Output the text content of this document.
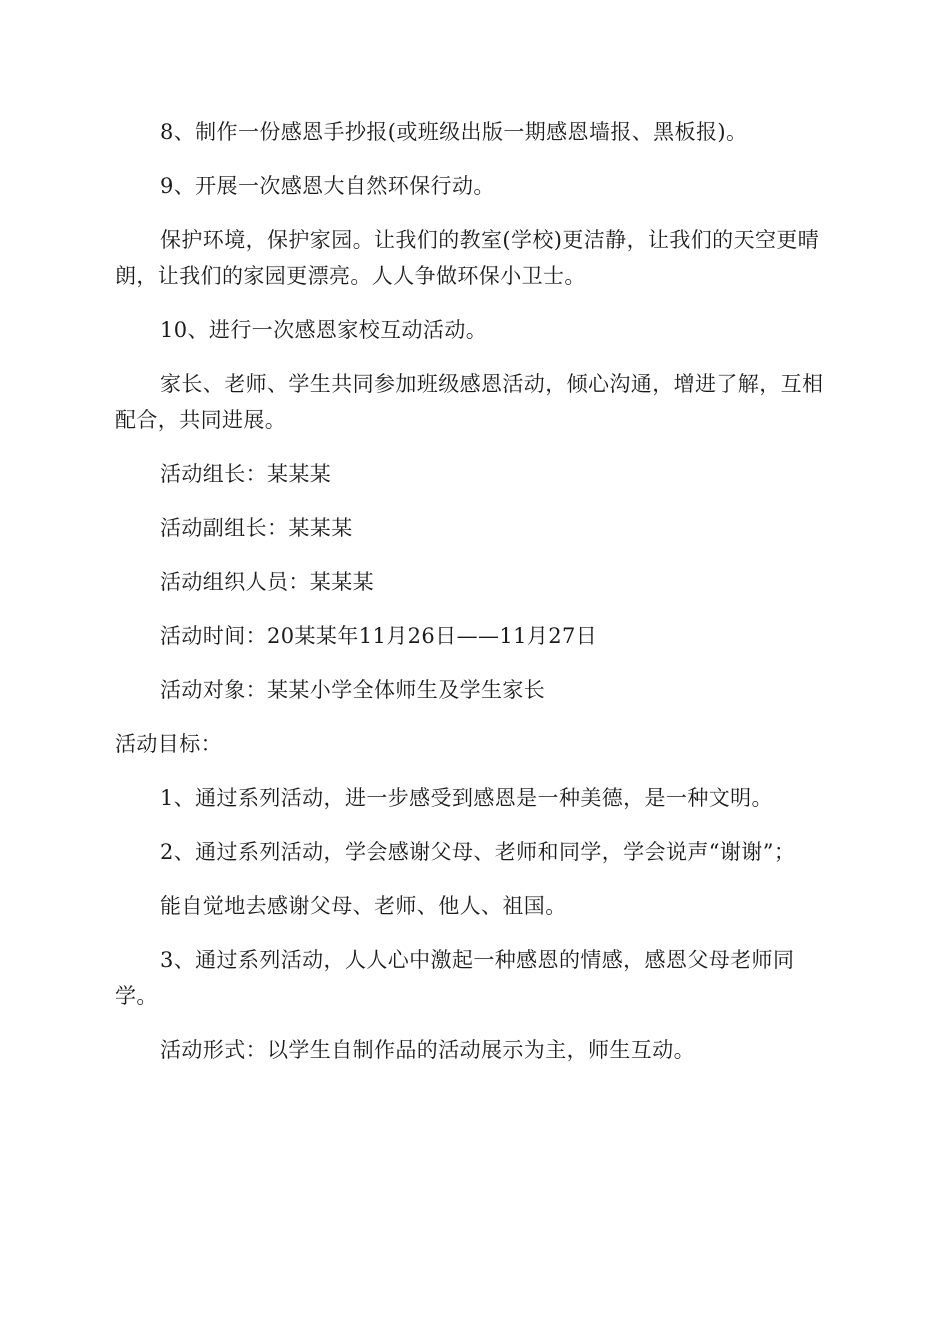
8、制作一份感恩手抄报(或班级出版一期感恩墙报、黑板报)。

9、开展一次感恩大自然环保行动。

保护环境，保护家园。让我们的教室(学校)更洁静，让我们的天空更晴朗，让我们的家园更漂亮。人人争做环保小卫士。

10、进行一次感恩家校互动活动。

家长、老师、学生共同参加班级感恩活动，倾心沟通，增进了解，互相配合，共同进展。

活动组长：某某某

活动副组长：某某某

活动组织人员：某某某

活动时间：20某某年11月26日——11月27日

活动对象：某某小学全体师生及学生家长

活动目标：

1、通过系列活动，进一步感受到感恩是一种美德，是一种文明。

2、通过系列活动，学会感谢父母、老师和同学，学会说声“谢谢”；

能自觉地去感谢父母、老师、他人、祖国。

3、通过系列活动，人人心中激起一种感恩的情感，感恩父母老师同学。

活动形式：以学生自制作品的活动展示为主，师生互动。
